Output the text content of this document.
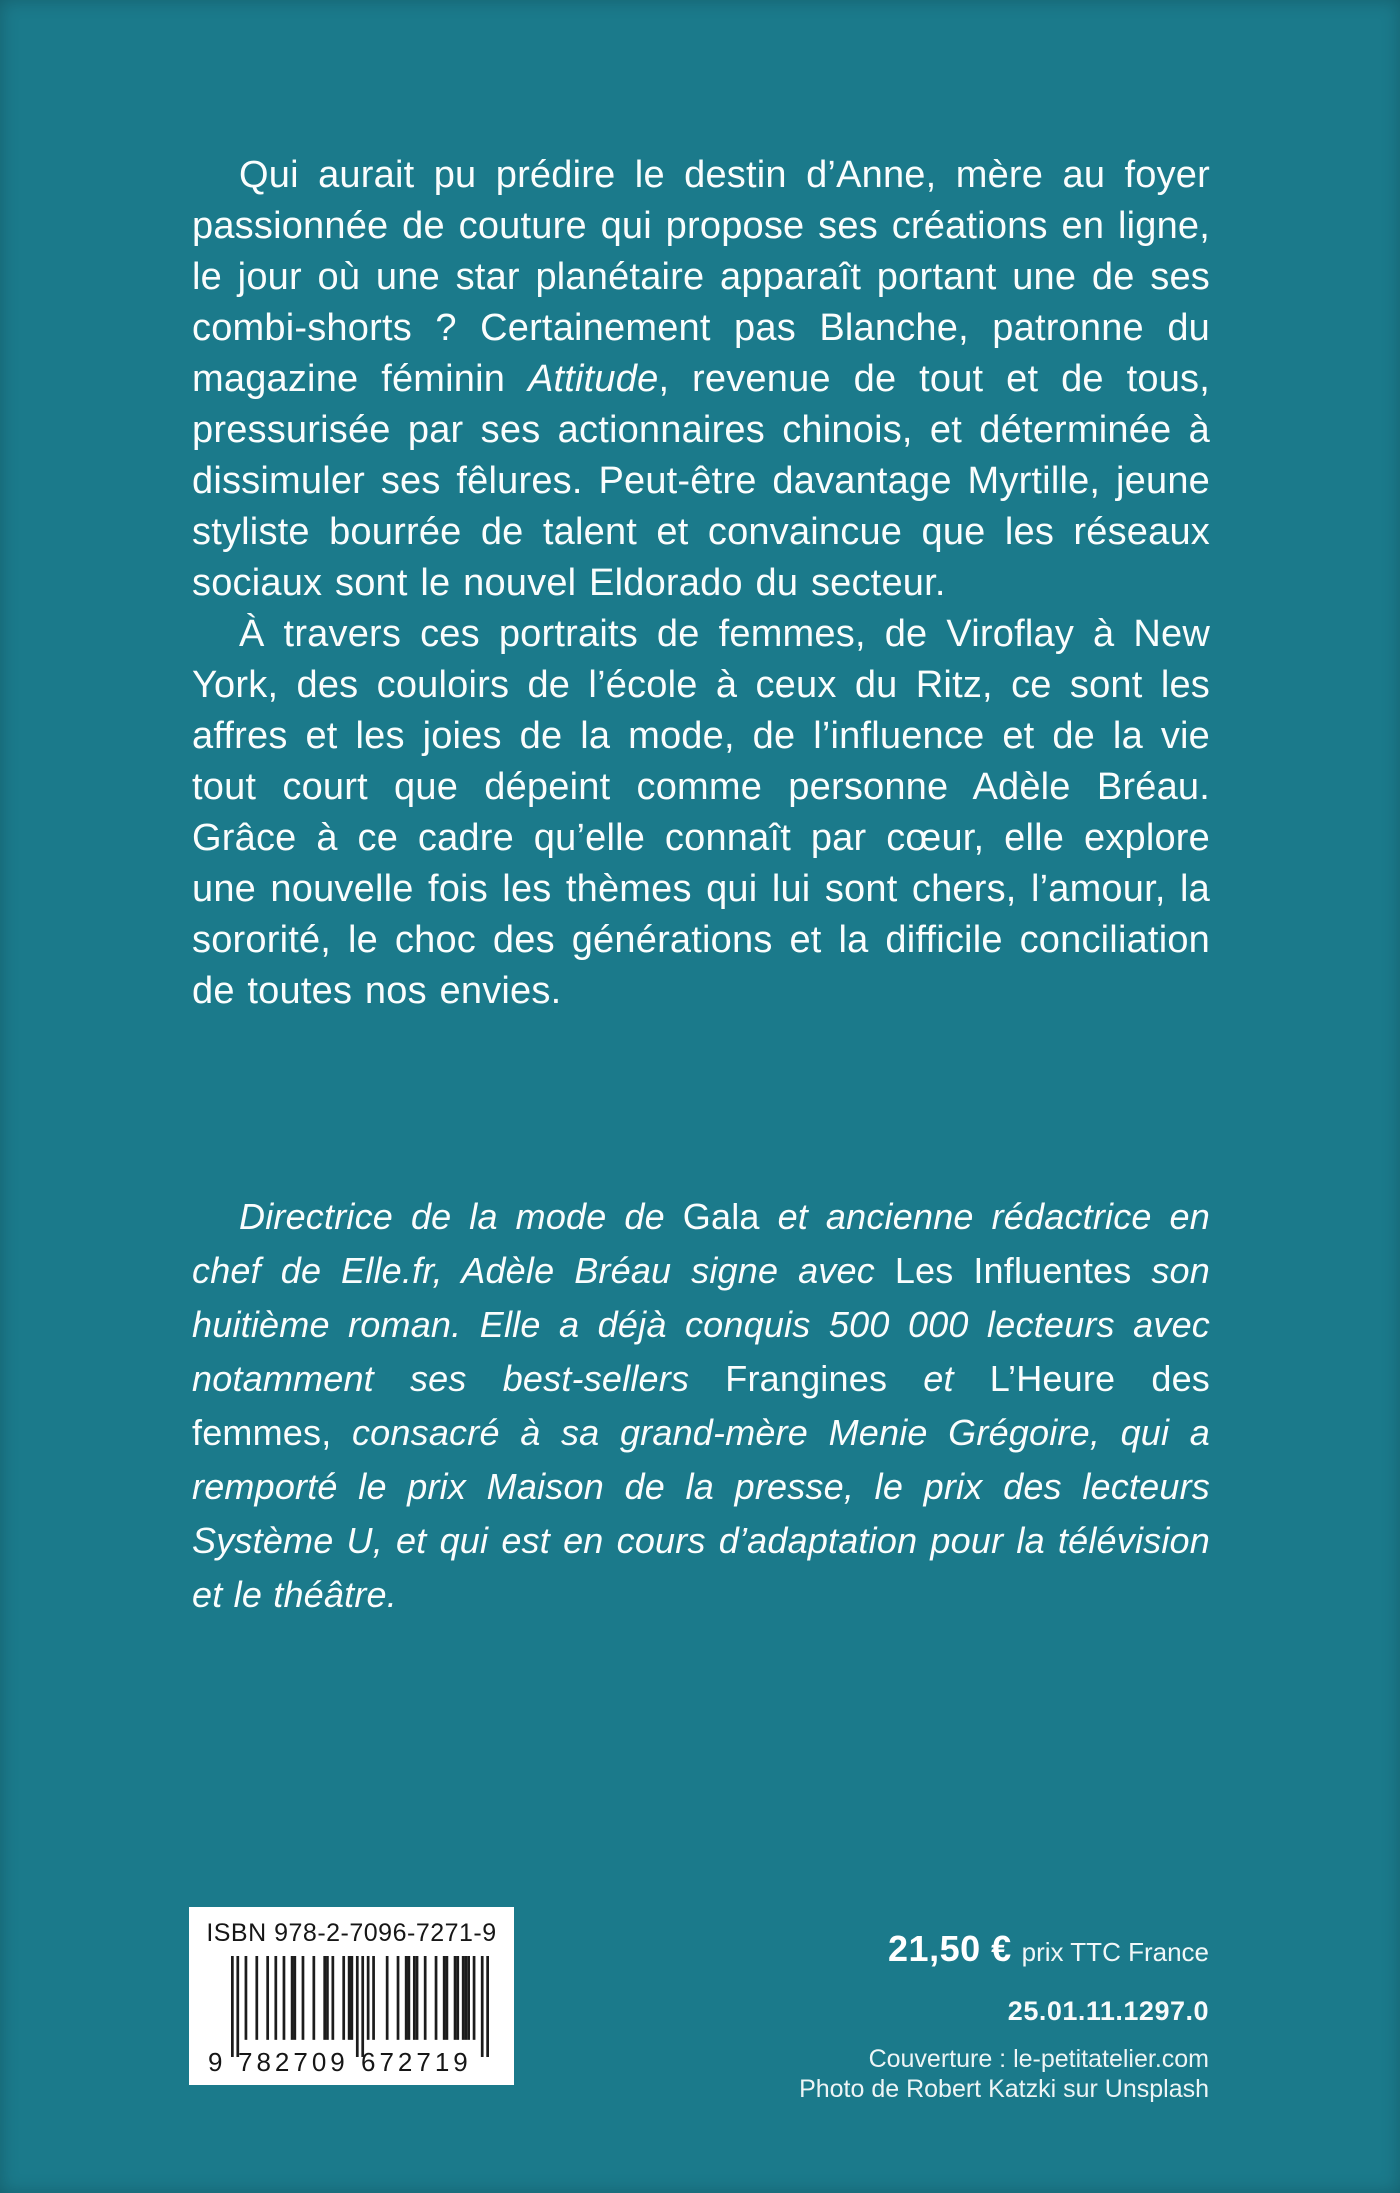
Qui aurait pu prédire le destin d’Anne, mère au foyer passionnée de couture qui propose ses créations en ligne, le jour où une star planétaire apparaît portant une de ses combi-shorts ? Certainement pas Blanche, patronne du magazine féminin Attitude, revenue de tout et de tous, pressurisée par ses actionnaires chinois, et déterminée à dissimuler ses fêlures. Peut-être davantage Myrtille, jeune styliste bourrée de talent et convaincue que les réseaux sociaux sont le nouvel Eldorado du secteur.

À travers ces portraits de femmes, de Viroflay à New York, des couloirs de l’école à ceux du Ritz, ce sont les affres et les joies de la mode, de l’influence et de la vie tout court que dépeint comme personne Adèle Bréau. Grâce à ce cadre qu’elle connaît par cœur, elle explore une nouvelle fois les thèmes qui lui sont chers, l’amour, la sororité, le choc des générations et la difficile conciliation de toutes nos envies.

Directrice de la mode de Gala et ancienne rédactrice en chef de Elle.fr, Adèle Bréau signe avec Les Influentes son huitième roman. Elle a déjà conquis 500 000 lecteurs avec notamment ses best-sellers Frangines et L’Heure des femmes, consacré à sa grand-mère Menie Grégoire, qui a remporté le prix Maison de la presse, le prix des lecteurs Système U, et qui est en cours d’adaptation pour la télévision et le théâtre.

ISBN 978-2-7096-7271-9
9 782709 672719
21,50 € prix TTC France
25.01.11.1297.0
Couverture : le-petitatelier.com
Photo de Robert Katzki sur Unsplash
